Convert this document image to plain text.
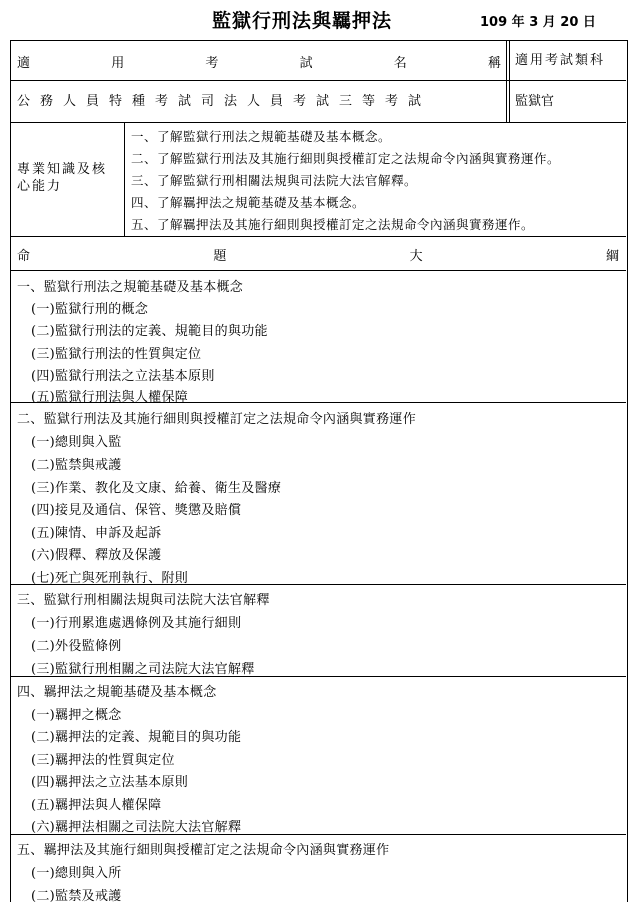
監獄行刑法與羈押法	109 年 3 月 20 日
適	用	考	試	名	稱 適用考試類科
公務人員特種考試司法人員考試三等考試	監獄官
專業知識及核心能力
一、了解監獄行刑法之規範基礎及基本概念。
二、了解監獄行刑法及其施行細則與授權訂定之法規命令內涵與實務運作。
三、了解監獄行刑相關法規與司法院大法官解釋。
四、了解羈押法之規範基礎及基本概念。
五、了解羈押法及其施行細則與授權訂定之法規命令內涵與實務運作。
命	題	大	綱
一、監獄行刑法之規範基礎及基本概念
(一)監獄行刑的概念
(二)監獄行刑法的定義、規範目的與功能
(三)監獄行刑法的性質與定位
(四)監獄行刑法之立法基本原則
(五)監獄行刑法與人權保障
二、監獄行刑法及其施行細則與授權訂定之法規命令內涵與實務運作
(一)總則與入監
(二)監禁與戒護
(三)作業、教化及文康、給養、衛生及醫療
(四)接見及通信、保管、獎懲及賠償
(五)陳情、申訴及起訴
(六)假釋、釋放及保護
(七)死亡與死刑執行、附則
三、監獄行刑相關法規與司法院大法官解釋
(一)行刑累進處遇條例及其施行細則
(二)外役監條例
(三)監獄行刑相關之司法院大法官解釋
四、羈押法之規範基礎及基本概念
(一)羈押之概念
(二)羈押法的定義、規範目的與功能
(三)羈押法的性質與定位
(四)羈押法之立法基本原則
(五)羈押法與人權保障
(六)羈押法相關之司法院大法官解釋
五、羈押法及其施行細則與授權訂定之法規命令內涵與實務運作
(一)總則與入所
(二)監禁及戒護
